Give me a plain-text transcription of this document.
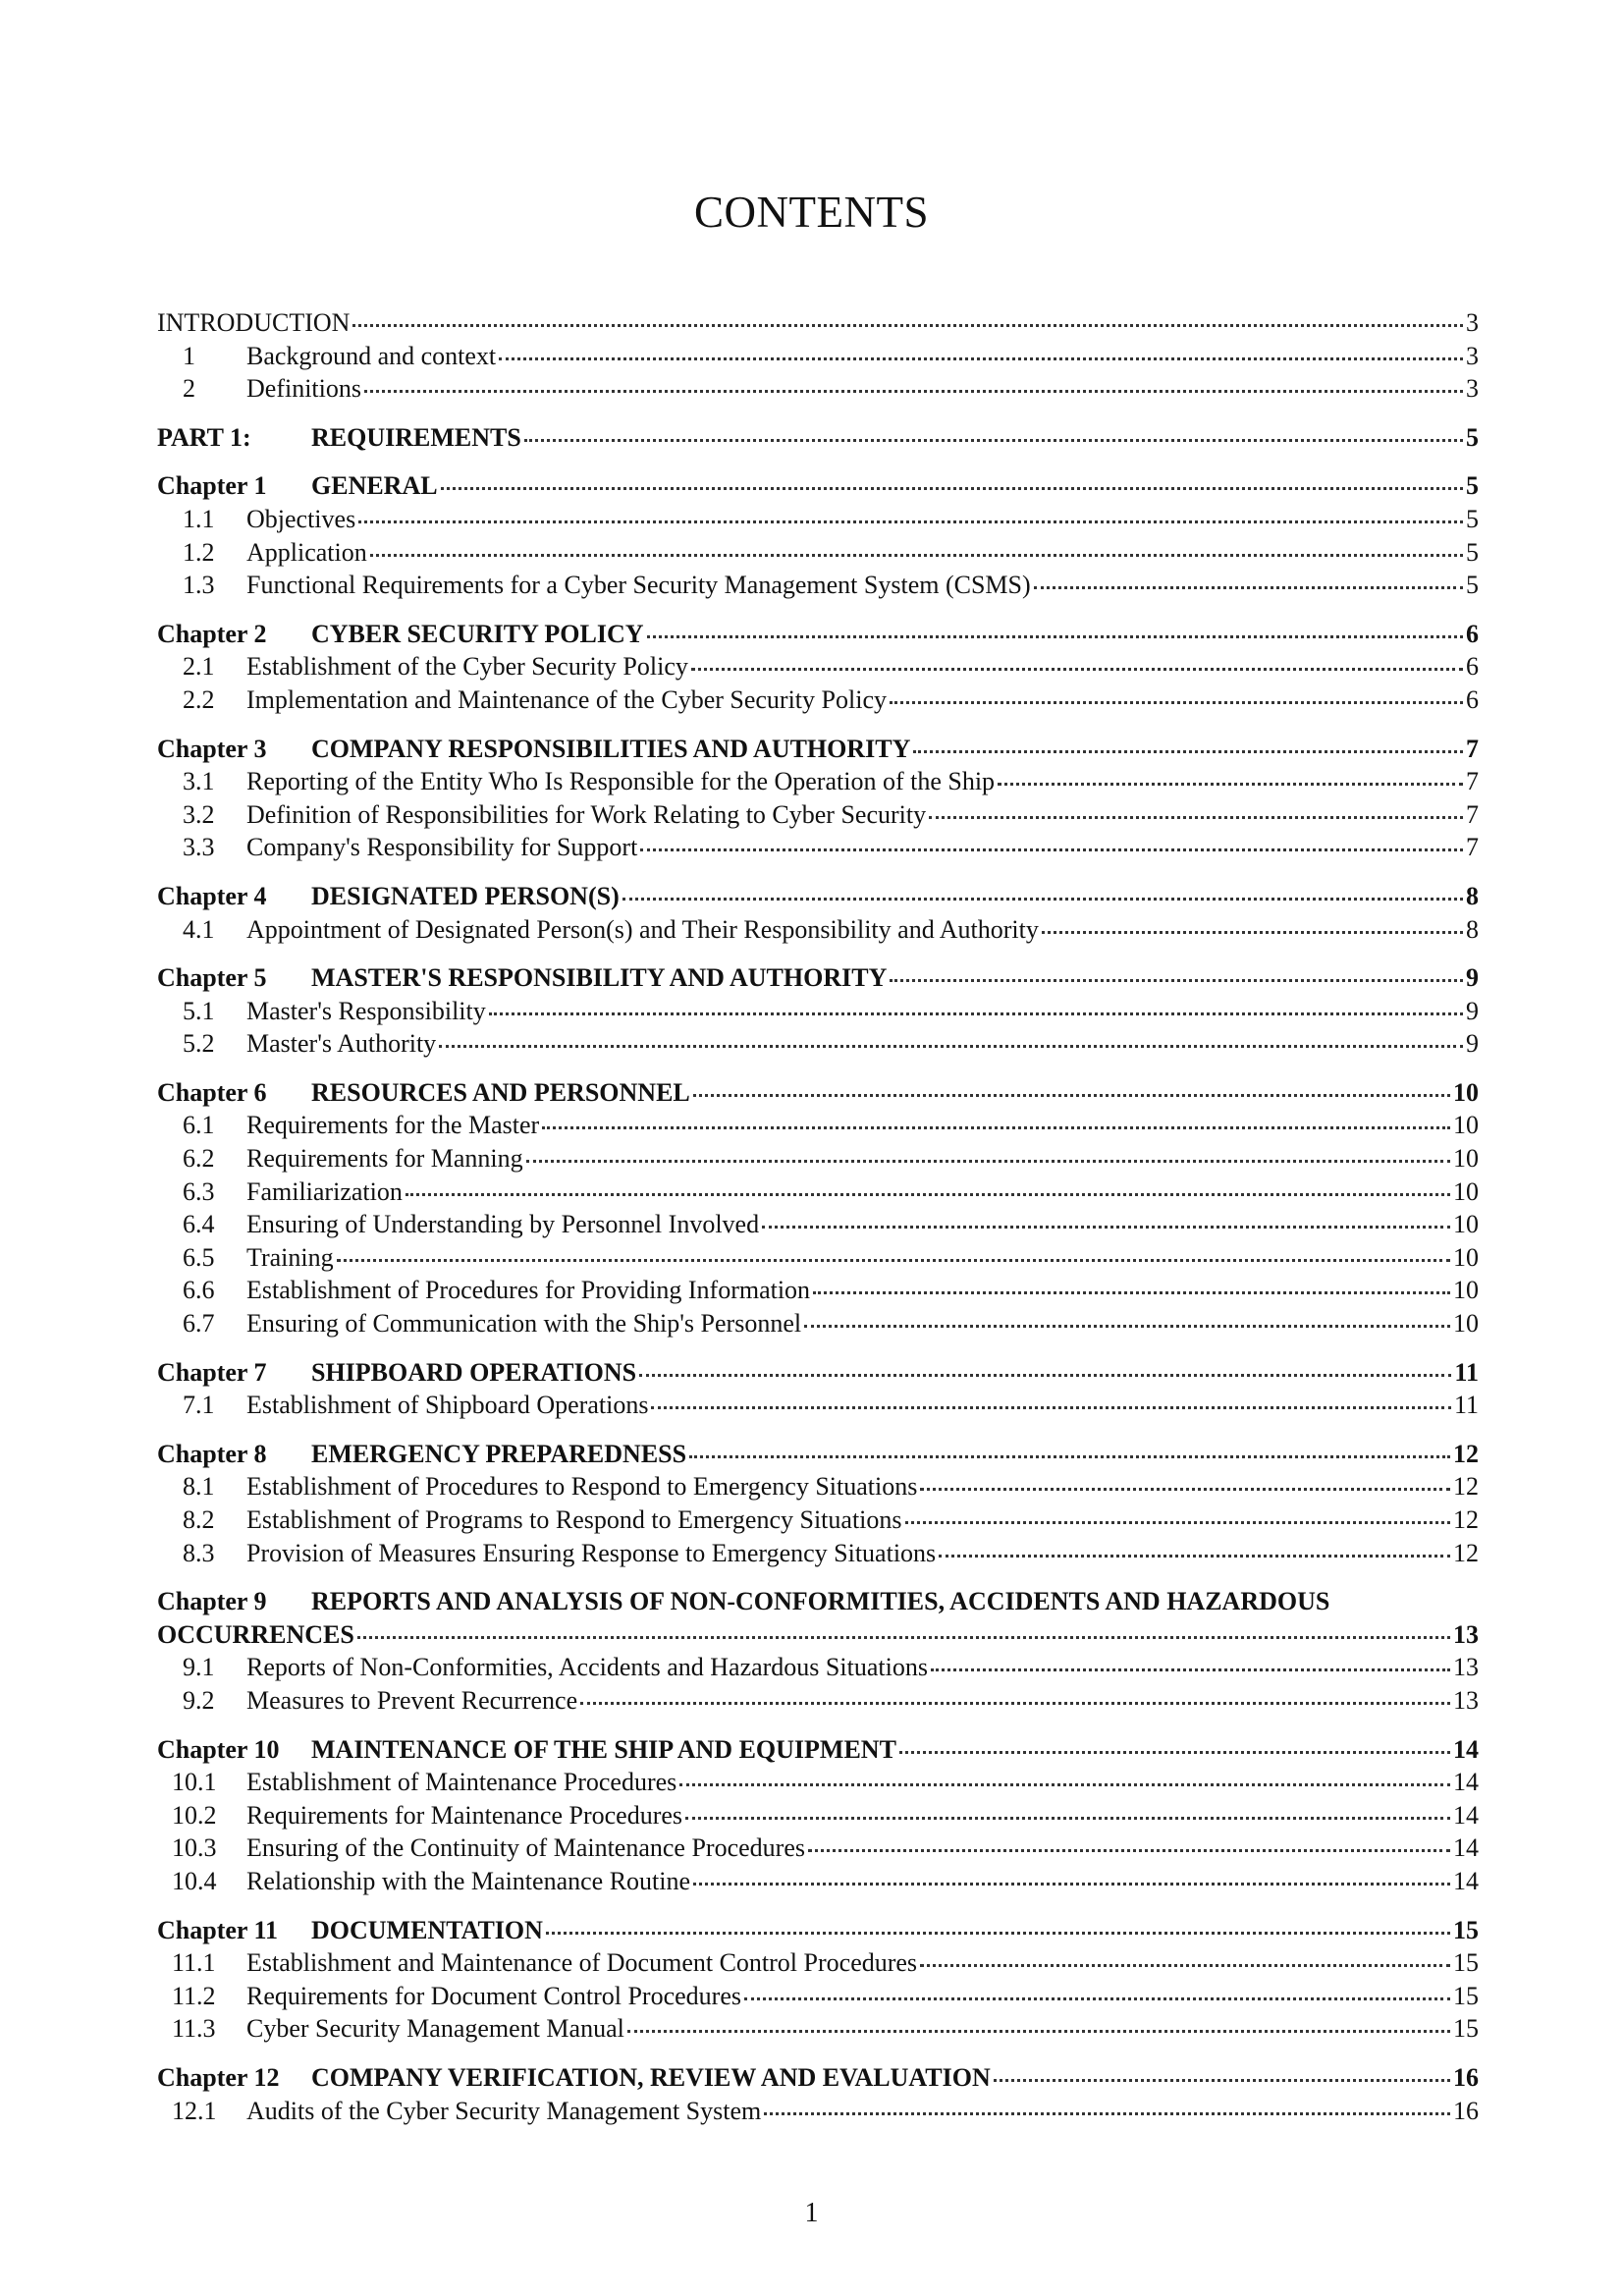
CONTENTS
INTRODUCTION	3
1	Background and context	3
2	Definitions	3
PART 1:	REQUIREMENTS	5
Chapter 1	GENERAL	5
1.1	Objectives	5
1.2	Application	5
1.3	Functional Requirements for a Cyber Security Management System (CSMS)	5
Chapter 2	CYBER SECURITY POLICY	6
2.1	Establishment of the Cyber Security Policy	6
2.2	Implementation and Maintenance of the Cyber Security Policy	6
Chapter 3	COMPANY RESPONSIBILITIES AND AUTHORITY	7
3.1	Reporting of the Entity Who Is Responsible for the Operation of the Ship	7
3.2	Definition of Responsibilities for Work Relating to Cyber Security	7
3.3	Company's Responsibility for Support	7
Chapter 4	DESIGNATED PERSON(S)	8
4.1	Appointment of Designated Person(s) and Their Responsibility and Authority	8
Chapter 5	MASTER'S RESPONSIBILITY AND AUTHORITY	9
5.1	Master's Responsibility	9
5.2	Master's Authority	9
Chapter 6	RESOURCES AND PERSONNEL	10
6.1	Requirements for the Master	10
6.2	Requirements for Manning	10
6.3	Familiarization	10
6.4	Ensuring of Understanding by Personnel Involved	10
6.5	Training	10
6.6	Establishment of Procedures for Providing Information	10
6.7	Ensuring of Communication with the Ship's Personnel	10
Chapter 7	SHIPBOARD OPERATIONS	11
7.1	Establishment of Shipboard Operations	11
Chapter 8	EMERGENCY PREPAREDNESS	12
8.1	Establishment of Procedures to Respond to Emergency Situations	12
8.2	Establishment of Programs to Respond to Emergency Situations	12
8.3	Provision of Measures Ensuring Response to Emergency Situations	12
Chapter 9	REPORTS AND ANALYSIS OF NON-CONFORMITIES, ACCIDENTS AND HAZARDOUS
OCCURRENCES	13
9.1	Reports of Non-Conformities, Accidents and Hazardous Situations	13
9.2	Measures to Prevent Recurrence	13
Chapter 10	MAINTENANCE OF THE SHIP AND EQUIPMENT	14
10.1	Establishment of Maintenance Procedures	14
10.2	Requirements for Maintenance Procedures	14
10.3	Ensuring of the Continuity of Maintenance Procedures	14
10.4	Relationship with the Maintenance Routine	14
Chapter 11	DOCUMENTATION	15
11.1	Establishment and Maintenance of Document Control Procedures	15
11.2	Requirements for Document Control Procedures	15
11.3	Cyber Security Management Manual	15
Chapter 12	COMPANY VERIFICATION, REVIEW AND EVALUATION	16
12.1	Audits of the Cyber Security Management System	16
1
